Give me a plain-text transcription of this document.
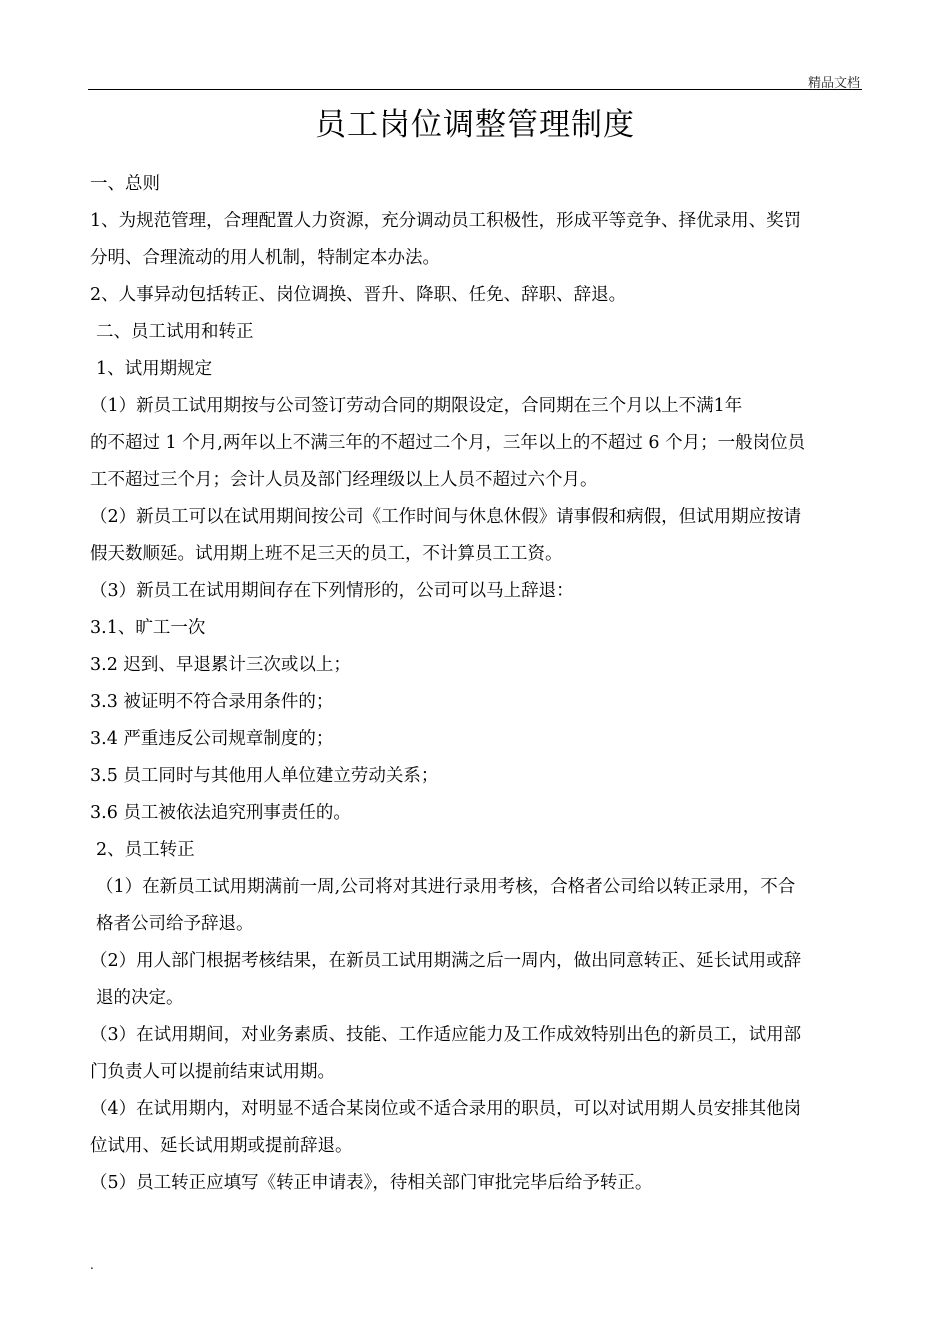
精品文档
员工岗位调整管理制度

一、总则

1、为规范管理，合理配置人力资源，充分调动员工积极性，形成平等竞争、择优录用、奖罚

分明、合理流动的用人机制，特制定本办法。

2、人事异动包括转正、岗位调换、晋升、降职、任免、辞职、辞退。

二、员工试用和转正

1、试用期规定

（1）新员工试用期按与公司签订劳动合同的期限设定，合同期在三个月以上不满1年

的不超过 1 个月,两年以上不满三年的不超过二个月，三年以上的不超过 6 个月；一般岗位员

工不超过三个月；会计人员及部门经理级以上人员不超过六个月。

（2）新员工可以在试用期间按公司《工作时间与休息休假》请事假和病假，但试用期应按请

假天数顺延。试用期上班不足三天的员工，不计算员工工资。

（3）新员工在试用期间存在下列情形的，公司可以马上辞退：

3.1、旷工一次

3.2 迟到、早退累计三次或以上；

3.3 被证明不符合录用条件的；

3.4 严重违反公司规章制度的；

3.5 员工同时与其他用人单位建立劳动关系；

3.6 员工被依法追究刑事责任的。

2、员工转正

（1）在新员工试用期满前一周,公司将对其进行录用考核，合格者公司给以转正录用，不合

格者公司给予辞退。

（2）用人部门根据考核结果，在新员工试用期满之后一周内，做出同意转正、延长试用或辞

退的决定。

（3）在试用期间，对业务素质、技能、工作适应能力及工作成效特别出色的新员工，试用部

门负责人可以提前结束试用期。

（4）在试用期内，对明显不适合某岗位或不适合录用的职员，可以对试用期人员安排其他岗

位试用、延长试用期或提前辞退。

（5）员工转正应填写《转正申请表》，待相关部门审批完毕后给予转正。

.
